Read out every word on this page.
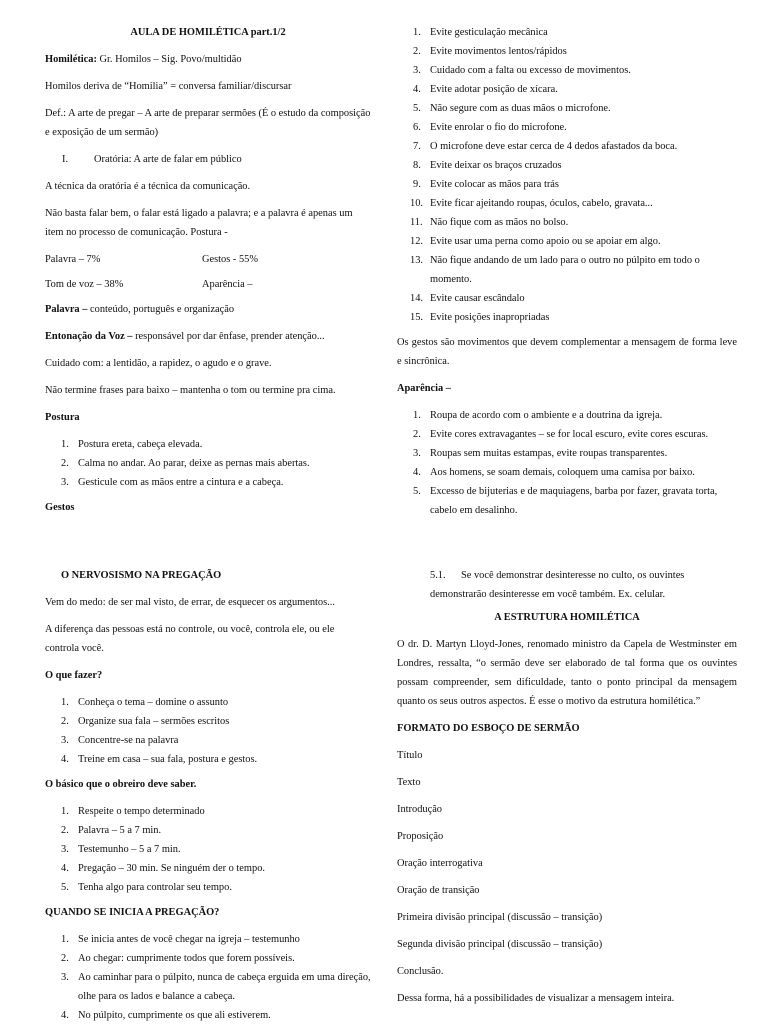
AULA DE HOMILÉTICA part.1/2

Homilética: Gr. Homilos – Sig. Povo/multidão

Homilos deriva de “Homilia” = conversa familiar/discursar

Def.: A arte de pregar – A arte de preparar sermões (É o estudo da composição e exposição de um sermão)

I. Oratória: A arte de falar em público

A técnica da oratória é a técnica da comunicação.

Não basta falar bem, o falar está ligado a palavra; e a palavra é apenas um item no processo de comunicação. Postura -

Palavra – 7%	Gestos - 55%
Tom de voz – 38%	Aparência –

Palavra – conteúdo, português e organização

Entonação da Voz – responsável por dar ênfase, prender atenção...

Cuidado com: a lentidão, a rapidez, o agudo e o grave.

Não termine frases para baixo – mantenha o tom ou termine pra cima.

Postura

1. Postura ereta, cabeça elevada.
2. Calma no andar. Ao parar, deixe as pernas mais abertas.
3. Gesticule com as mãos entre a cintura e a cabeça.

Gestos

1. Evite gesticulação mecânica
2. Evite movimentos lentos/rápidos
3. Cuidado com a falta ou excesso de movimentos.
4. Evite adotar posição de xícara.
5. Não segure com as duas mãos o microfone.
6. Evite enrolar o fio do microfone.
7. O microfone deve estar cerca de 4 dedos afastados da boca.
8. Evite deixar os braços cruzados
9. Evite colocar as mãos para trás
10. Evite ficar ajeitando roupas, óculos, cabelo, gravata...
11. Não fique com as mãos no bolso.
12. Evite usar uma perna como apoio ou se apoiar em algo.
13. Não fique andando de um lado para o outro no púlpito em todo o momento.
14. Evite causar escândalo
15. Evite posições inapropriadas

Os gestos são movimentos que devem complementar a mensagem de forma leve e sincrônica.

Aparência –

1. Roupa de acordo com o ambiente e a doutrina da igreja.
2. Evite cores extravagantes – se for local escuro, evite cores escuras.
3. Roupas sem muitas estampas, evite roupas transparentes.
4. Aos homens, se soam demais, coloquem uma camisa por baixo.
5. Excesso de bijuterias e de maquiagens, barba por fazer, gravata torta, cabelo em desalinho.

O NERVOSISMO NA PREGAÇÃO

Vem do medo: de ser mal visto, de errar, de esquecer os argumentos...

A diferença das pessoas está no controle, ou você, controla ele, ou ele controla você.

O que fazer?

1. Conheça o tema – domine o assunto
2. Organize sua fala – sermões escritos
3. Concentre-se na palavra
4. Treine em casa – sua fala, postura e gestos.

O básico que o obreiro deve saber.

1. Respeite o tempo determinado
2. Palavra – 5 a 7 min.
3. Testemunho – 5 a 7 min.
4. Pregação – 30 min. Se ninguém der o tempo.
5. Tenha algo para controlar seu tempo.

QUANDO SE INICIA A PREGAÇÃO?

1. Se inicia antes de você chegar na igreja – testemunho
2. Ao chegar: cumprimente todos que forem possíveis.
3. Ao caminhar para o púlpito, nunca de cabeça erguida em uma direção, olhe para os lados e balance a cabeça.
4. No púlpito, cumprimente os que ali estiverem.
5.1. Se você demonstrar desinteresse no culto, os ouvintes demonstrarão desinteresse em você também. Ex. celular.

A ESTRUTURA HOMILÉTICA

O dr. D. Martyn Lloyd-Jones, renomado ministro da Capela de Westminster em Londres, ressalta, “o sermão deve ser elaborado de tal forma que os ouvintes possam compreender, sem dificuldade, tanto o ponto principal da mensagem quanto os seus outros aspectos. É esse o motivo da estrutura homilética.”

FORMATO DO ESBOÇO DE SERMÃO

Título

Texto

Introdução

Proposição

Oração interrogativa

Oração de transição

Primeira divisão principal (discussão – transição)

Segunda divisão principal (discussão – transição)

Conclusão.

Dessa forma, há a possibilidades de visualizar a mensagem inteira.
